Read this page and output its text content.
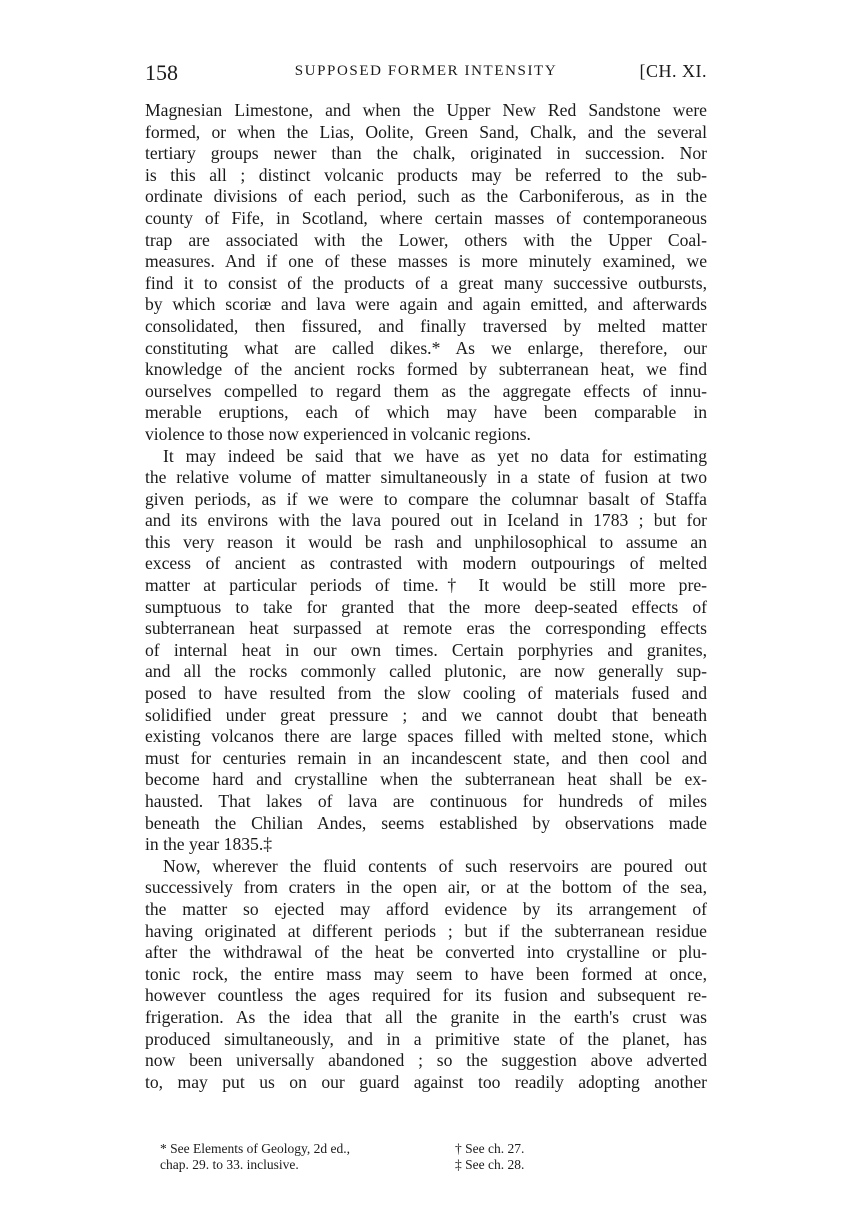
158	SUPPOSED FORMER INTENSITY	[CH. XI.
Magnesian Limestone, and when the Upper New Red Sandstone were
formed, or when the Lias, Oolite, Green Sand, Chalk, and the several
tertiary groups newer than the chalk, originated in succession. Nor
is this all ; distinct volcanic products may be referred to the sub-
ordinate divisions of each period, such as the Carboniferous, as in the
county of Fife, in Scotland, where certain masses of contemporaneous
trap are associated with the Lower, others with the Upper Coal-
measures. And if one of these masses is more minutely examined, we
find it to consist of the products of a great many successive outbursts,
by which scoriæ and lava were again and again emitted, and afterwards
consolidated, then fissured, and finally traversed by melted matter
constituting what are called dikes.* As we enlarge, therefore, our
knowledge of the ancient rocks formed by subterranean heat, we find
ourselves compelled to regard them as the aggregate effects of innu-
merable eruptions, each of which may have been comparable in
violence to those now experienced in volcanic regions.
It may indeed be said that we have as yet no data for estimating
the relative volume of matter simultaneously in a state of fusion at two
given periods, as if we were to compare the columnar basalt of Staffa
and its environs with the lava poured out in Iceland in 1783 ; but for
this very reason it would be rash and unphilosophical to assume an
excess of ancient as contrasted with modern outpourings of melted
matter at particular periods of time.† It would be still more pre-
sumptuous to take for granted that the more deep-seated effects of
subterranean heat surpassed at remote eras the corresponding effects
of internal heat in our own times. Certain porphyries and granites,
and all the rocks commonly called plutonic, are now generally sup-
posed to have resulted from the slow cooling of materials fused and
solidified under great pressure ; and we cannot doubt that beneath
existing volcanos there are large spaces filled with melted stone, which
must for centuries remain in an incandescent state, and then cool and
become hard and crystalline when the subterranean heat shall be ex-
hausted. That lakes of lava are continuous for hundreds of miles
beneath the Chilian Andes, seems established by observations made
in the year 1835.‡
Now, wherever the fluid contents of such reservoirs are poured out
successively from craters in the open air, or at the bottom of the sea,
the matter so ejected may afford evidence by its arrangement of
having originated at different periods ; but if the subterranean residue
after the withdrawal of the heat be converted into crystalline or plu-
tonic rock, the entire mass may seem to have been formed at once,
however countless the ages required for its fusion and subsequent re-
frigeration. As the idea that all the granite in the earth's crust was
produced simultaneously, and in a primitive state of the planet, has
now been universally abandoned ; so the suggestion above adverted
to, may put us on our guard against too readily adopting another
* See Elements of Geology, 2d ed.,
chap. 29. to 33. inclusive.
† See ch. 27.
‡ See ch. 28.
